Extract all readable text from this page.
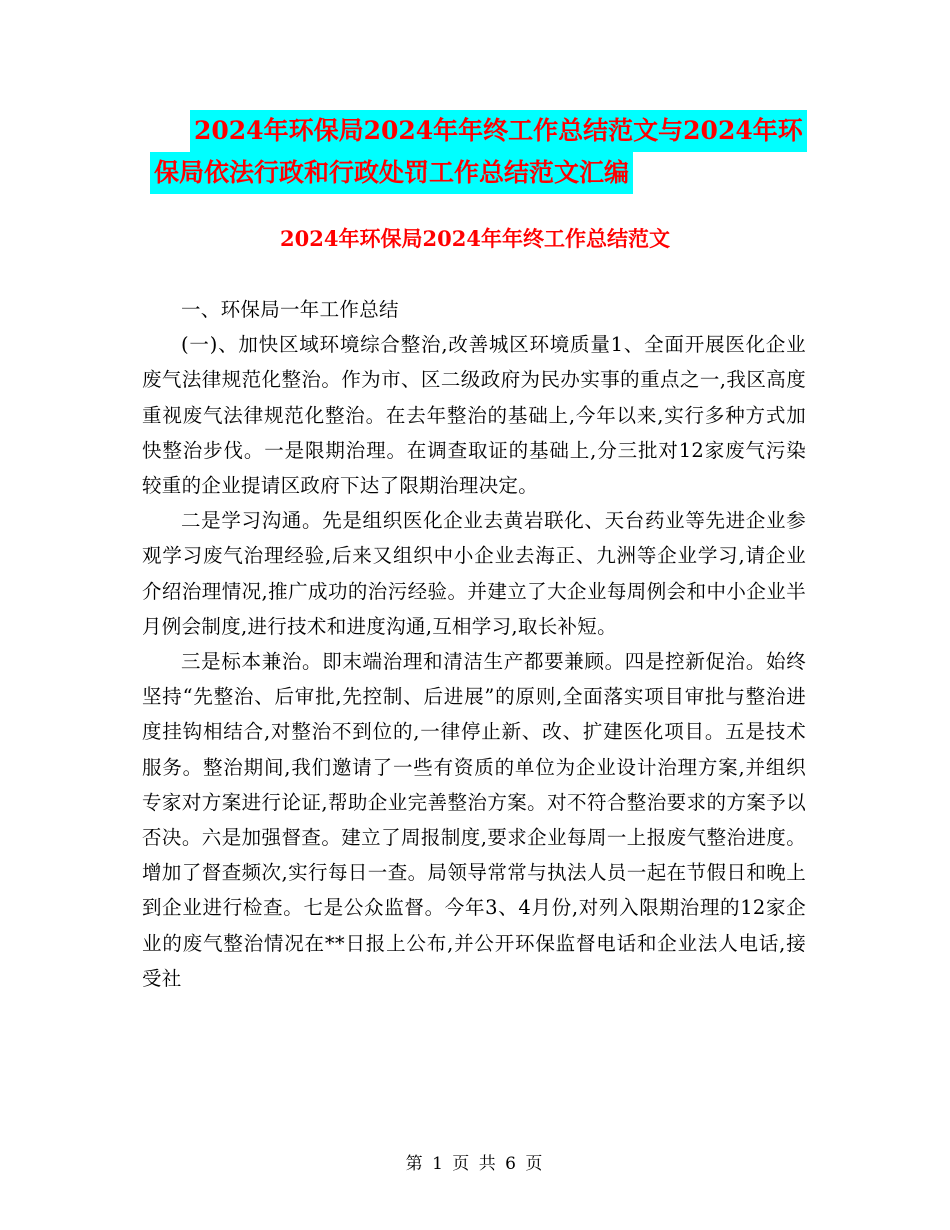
2024年环保局2024年年终工作总结范文与2024年环
保局依法行政和行政处罚工作总结范文汇编
2024年环保局2024年年终工作总结范文

一、环保局一年工作总结

(一)、加快区域环境综合整治,改善城区环境质量1、全面开展医化企业废气法律规范化整治。作为市、区二级政府为民办实事的重点之一,我区高度重视废气法律规范化整治。在去年整治的基础上,今年以来,实行多种方式加快整治步伐。一是限期治理。在调查取证的基础上,分三批对12家废气污染较重的企业提请区政府下达了限期治理决定。

二是学习沟通。先是组织医化企业去黄岩联化、天台药业等先进企业参观学习废气治理经验,后来又组织中小企业去海正、九洲等企业学习,请企业介绍治理情况,推广成功的治污经验。并建立了大企业每周例会和中小企业半月例会制度,进行技术和进度沟通,互相学习,取长补短。

三是标本兼治。即末端治理和清洁生产都要兼顾。四是控新促治。始终坚持“先整治、后审批,先控制、后进展”的原则,全面落实项目审批与整治进度挂钩相结合,对整治不到位的,一律停止新、改、扩建医化项目。五是技术服务。整治期间,我们邀请了一些有资质的单位为企业设计治理方案,并组织专家对方案进行论证,帮助企业完善整治方案。对不符合整治要求的方案予以否决。六是加强督查。建立了周报制度,要求企业每周一上报废气整治进度。增加了督查频次,实行每日一查。局领导常常与执法人员一起在节假日和晚上到企业进行检查。七是公众监督。今年3、4月份,对列入限期治理的12家企业的废气整治情况在**日报上公布,并公开环保监督电话和企业法人电话,接受社

第 1 页 共 6 页
